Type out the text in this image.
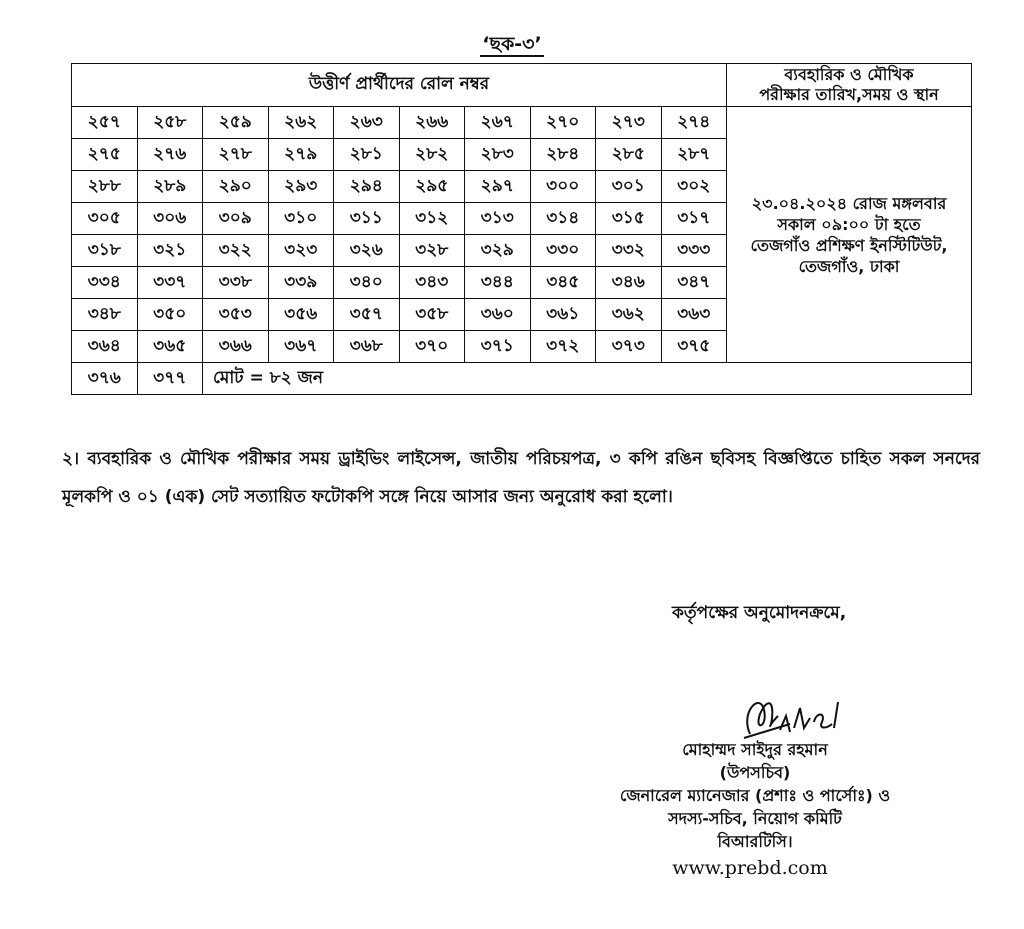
‘ছক-৩’
উত্তীর্ণ প্রার্থীদের রোল নম্বর										ব্যবহারিক ও মৌখিক
পরীক্ষার তারিখ,সময় ও স্থান

২৫৭	২৫৮	২৫৯	২৬২	২৬৩	২৬৬	২৬৭	২৭০	২৭৩	২৭৪	২৩.০৪.২০২৪ রোজ মঙ্গলবার
সকাল ০৯:০০ টা হতে
তেজগাঁও প্রশিক্ষণ ইনস্টিটিউট,
তেজগাঁও, ঢাকা

২৭৫	২৭৬	২৭৮	২৭৯	২৮১	২৮২	২৮৩	২৮৪	২৮৫	২৮৭	
২৮৮	২৮৯	২৯০	২৯৩	২৯৪	২৯৫	২৯৭	৩০০	৩০১	৩০২	
৩০৫	৩০৬	৩০৯	৩১০	৩১১	৩১২	৩১৩	৩১৪	৩১৫	৩১৭	
৩১৮	৩২১	৩২২	৩২৩	৩২৬	৩২৮	৩২৯	৩৩০	৩৩২	৩৩৩	
৩৩৪	৩৩৭	৩৩৮	৩৩৯	৩৪০	৩৪৩	৩৪৪	৩৪৫	৩৪৬	৩৪৭	
৩৪৮	৩৫০	৩৫৩	৩৫৬	৩৫৭	৩৫৮	৩৬০	৩৬১	৩৬২	৩৬৩	
৩৬৪	৩৬৫	৩৬৬	৩৬৭	৩৬৮	৩৭০	৩৭১	৩৭২	৩৭৩	৩৭৫	
৩৭৬	৩৭৭	মোট = ৮২ জন								
২। ব্যবহারিক ও মৌখিক পরীক্ষার সময় ড্রাইভিং লাইসেন্স, জাতীয় পরিচয়পত্র, ৩ কপি রঙিন ছবিসহ বিজ্ঞপ্তিতে চাহিত সকল সনদের মূলকপি ও ০১ (এক) সেট সত্যায়িত ফটোকপি সঙ্গে নিয়ে আসার জন্য অনুরোধ করা হলো।
কর্তৃপক্ষের অনুমোদনক্রমে,
মোহাম্মদ সাইদুর রহমান
(উপসচিব)
জেনারেল ম্যানেজার (প্রশাঃ ও পার্সোঃ) ও
সদস্য-সচিব, নিয়োগ কমিটি
বিআরটিসি।
www.prebd.com
